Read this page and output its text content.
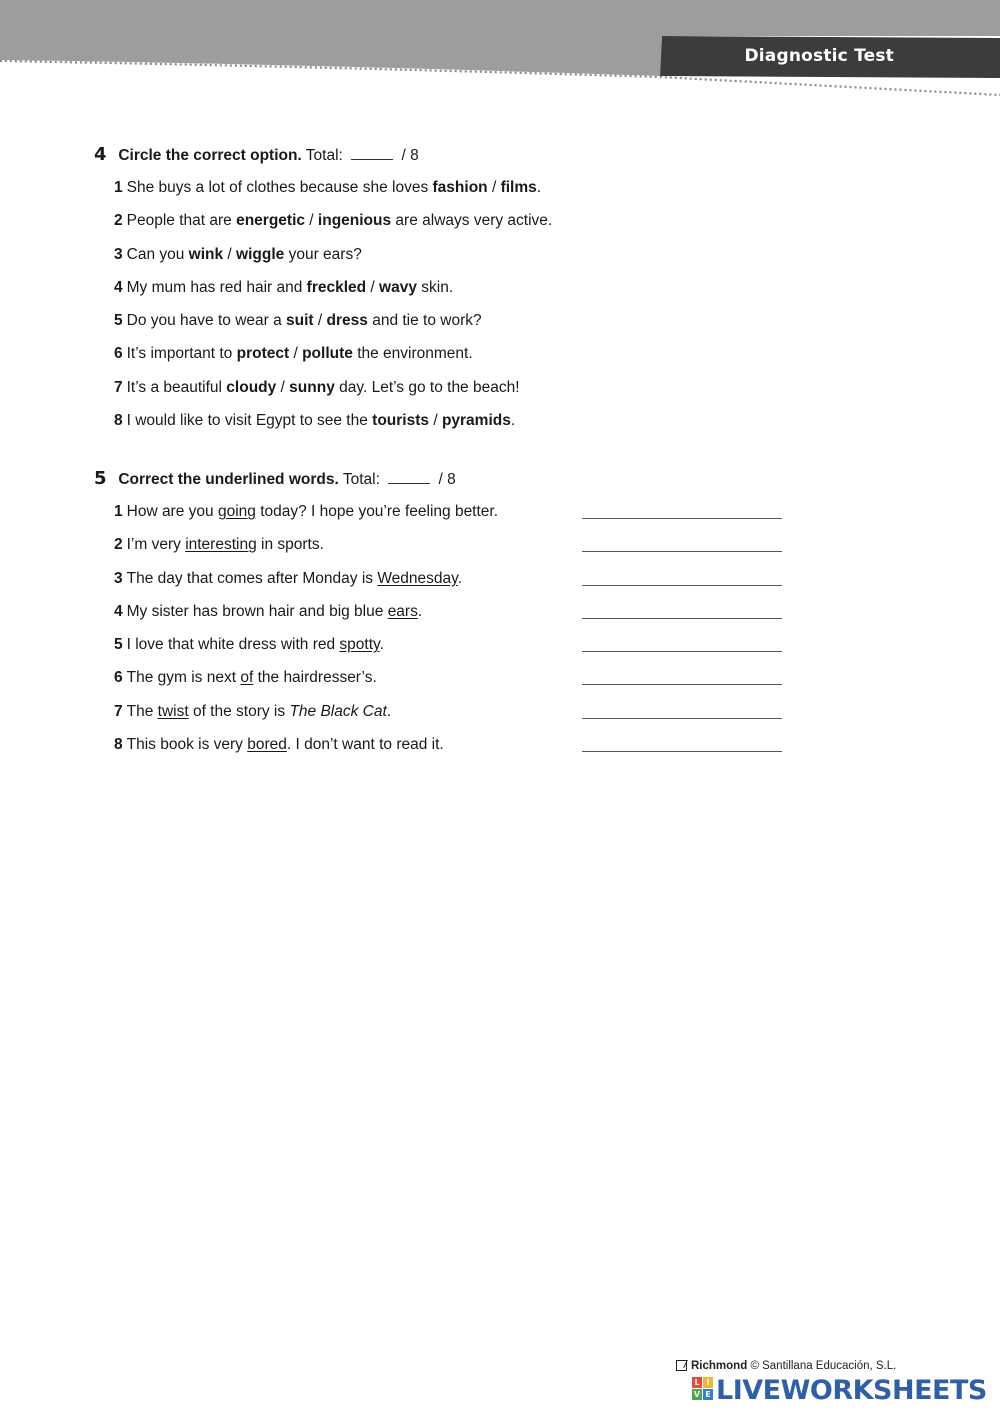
Diagnostic Test
4 Circle the correct option. Total:	/ 8
1 She buys a lot of clothes because she loves fashion / films.
2 People that are energetic / ingenious are always very active.
3 Can you wink / wiggle your ears?
4 My mum has red hair and freckled / wavy skin.
5 Do you have to wear a suit / dress and tie to work?
6 It’s important to protect / pollute the environment.
7 It’s a beautiful cloudy / sunny day. Let’s go to the beach!
8 I would like to visit Egypt to see the tourists / pyramids.
5 Correct the underlined words. Total:	/ 8
1 How are you going today? I hope you’re feeling better.
2 I’m very interesting in sports.
3 The day that comes after Monday is Wednesday.
4 My sister has brown hair and big blue ears.
5 I love that white dress with red spotty.
6 The gym is next of the hairdresser’s.
7 The twist of the story is The Black Cat.
8 This book is very bored. I don’t want to read it.
Richmond © Santillana Educación, S.L.
L I
V E LIVEWORKSHEETS
